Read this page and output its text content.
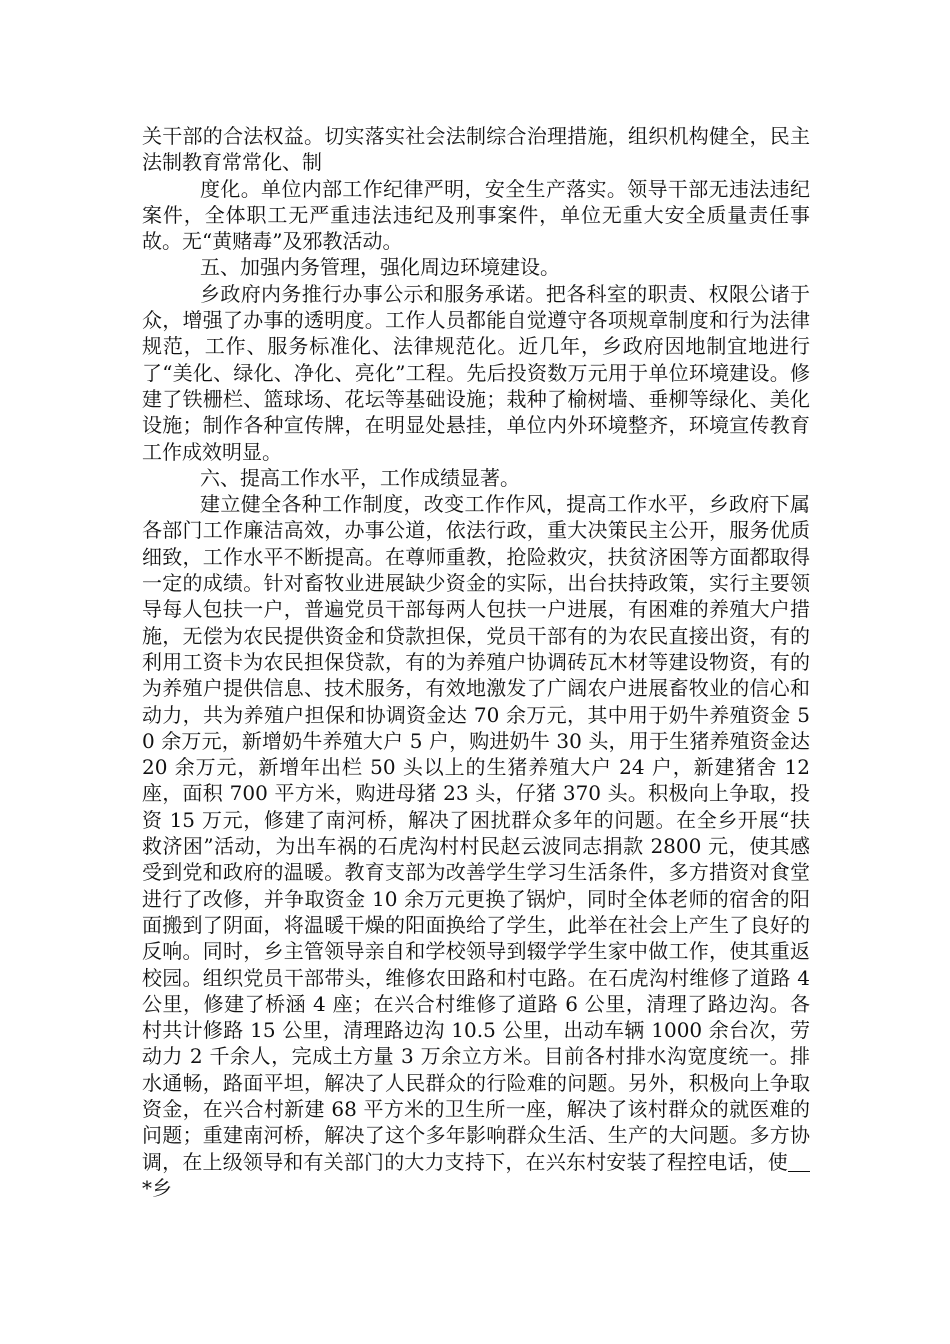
关干部的合法权益。切实落实社会法制综合治理措施，组织机构健全，民主法制教育常常化、制

度化。单位内部工作纪律严明，安全生产落实。领导干部无违法违纪案件，全体职工无严重违法违纪及刑事案件，单位无重大安全质量责任事故。无“黄赌毒”及邪教活动。

五、加强内务管理，强化周边环境建设。

乡政府内务推行办事公示和服务承诺。把各科室的职责、权限公诸于众，增强了办事的透明度。工作人员都能自觉遵守各项规章制度和行为法律规范，工作、服务标准化、法律规范化。近几年，乡政府因地制宜地进行了“美化、绿化、净化、亮化”工程。先后投资数万元用于单位环境建设。修建了铁栅栏、篮球场、花坛等基础设施；栽种了榆树墙、垂柳等绿化、美化设施；制作各种宣传牌，在明显处悬挂，单位内外环境整齐，环境宣传教育工作成效明显。

六、提高工作水平，工作成绩显著。

建立健全各种工作制度，改变工作作风，提高工作水平，乡政府下属各部门工作廉洁高效，办事公道，依法行政，重大决策民主公开，服务优质细致，工作水平不断提高。在尊师重教，抢险救灾，扶贫济困等方面都取得一定的成绩。针对畜牧业进展缺少资金的实际，出台扶持政策，实行主要领导每人包扶一户，普遍党员干部每两人包扶一户进展，有困难的养殖大户措施，无偿为农民提供资金和贷款担保，党员干部有的为农民直接出资，有的利用工资卡为农民担保贷款，有的为养殖户协调砖瓦木材等建设物资，有的为养殖户提供信息、技术服务，有效地激发了广阔农户进展畜牧业的信心和动力，共为养殖户担保和协调资金达 70 余万元，其中用于奶牛养殖资金 50 余万元，新增奶牛养殖大户 5 户，购进奶牛 30 头，用于生猪养殖资金达 20 余万元，新增年出栏 50 头以上的生猪养殖大户 24 户，新建猪舍 12 座，面积 700 平方米，购进母猪 23 头，仔猪 370 头。积极向上争取，投资 15 万元，修建了南河桥，解决了困扰群众多年的问题。在全乡开展“扶救济困”活动，为出车祸的石虎沟村村民赵云波同志捐款 2800 元，使其感受到党和政府的温暖。教育支部为改善学生学习生活条件，多方措资对食堂进行了改修，并争取资金 10 余万元更换了锅炉，同时全体老师的宿舍的阳面搬到了阴面，将温暖干燥的阳面换给了学生，此举在社会上产生了良好的反响。同时，乡主管领导亲自和学校领导到辍学学生家中做工作，使其重返校园。组织党员干部带头，维修农田路和村屯路。在石虎沟村维修了道路 4 公里，修建了桥涵 4 座；在兴合村维修了道路 6 公里，清理了路边沟。各村共计修路 15 公里，清理路边沟 10.5 公里，出动车辆 1000 余台次，劳动力 2 千余人，完成土方量 3 万余立方米。目前各村排水沟宽度统一。排水通畅，路面平坦，解决了人民群众的行险难的问题。另外，积极向上争取资金，在兴合村新建 68 平方米的卫生所一座，解决了该村群众的就医难的问题；重建南河桥，解决了这个多年影响群众生活、生产的大问题。多方协调，在上级领导和有关部门的大力支持下，在兴东村安装了程控电话，使*乡
